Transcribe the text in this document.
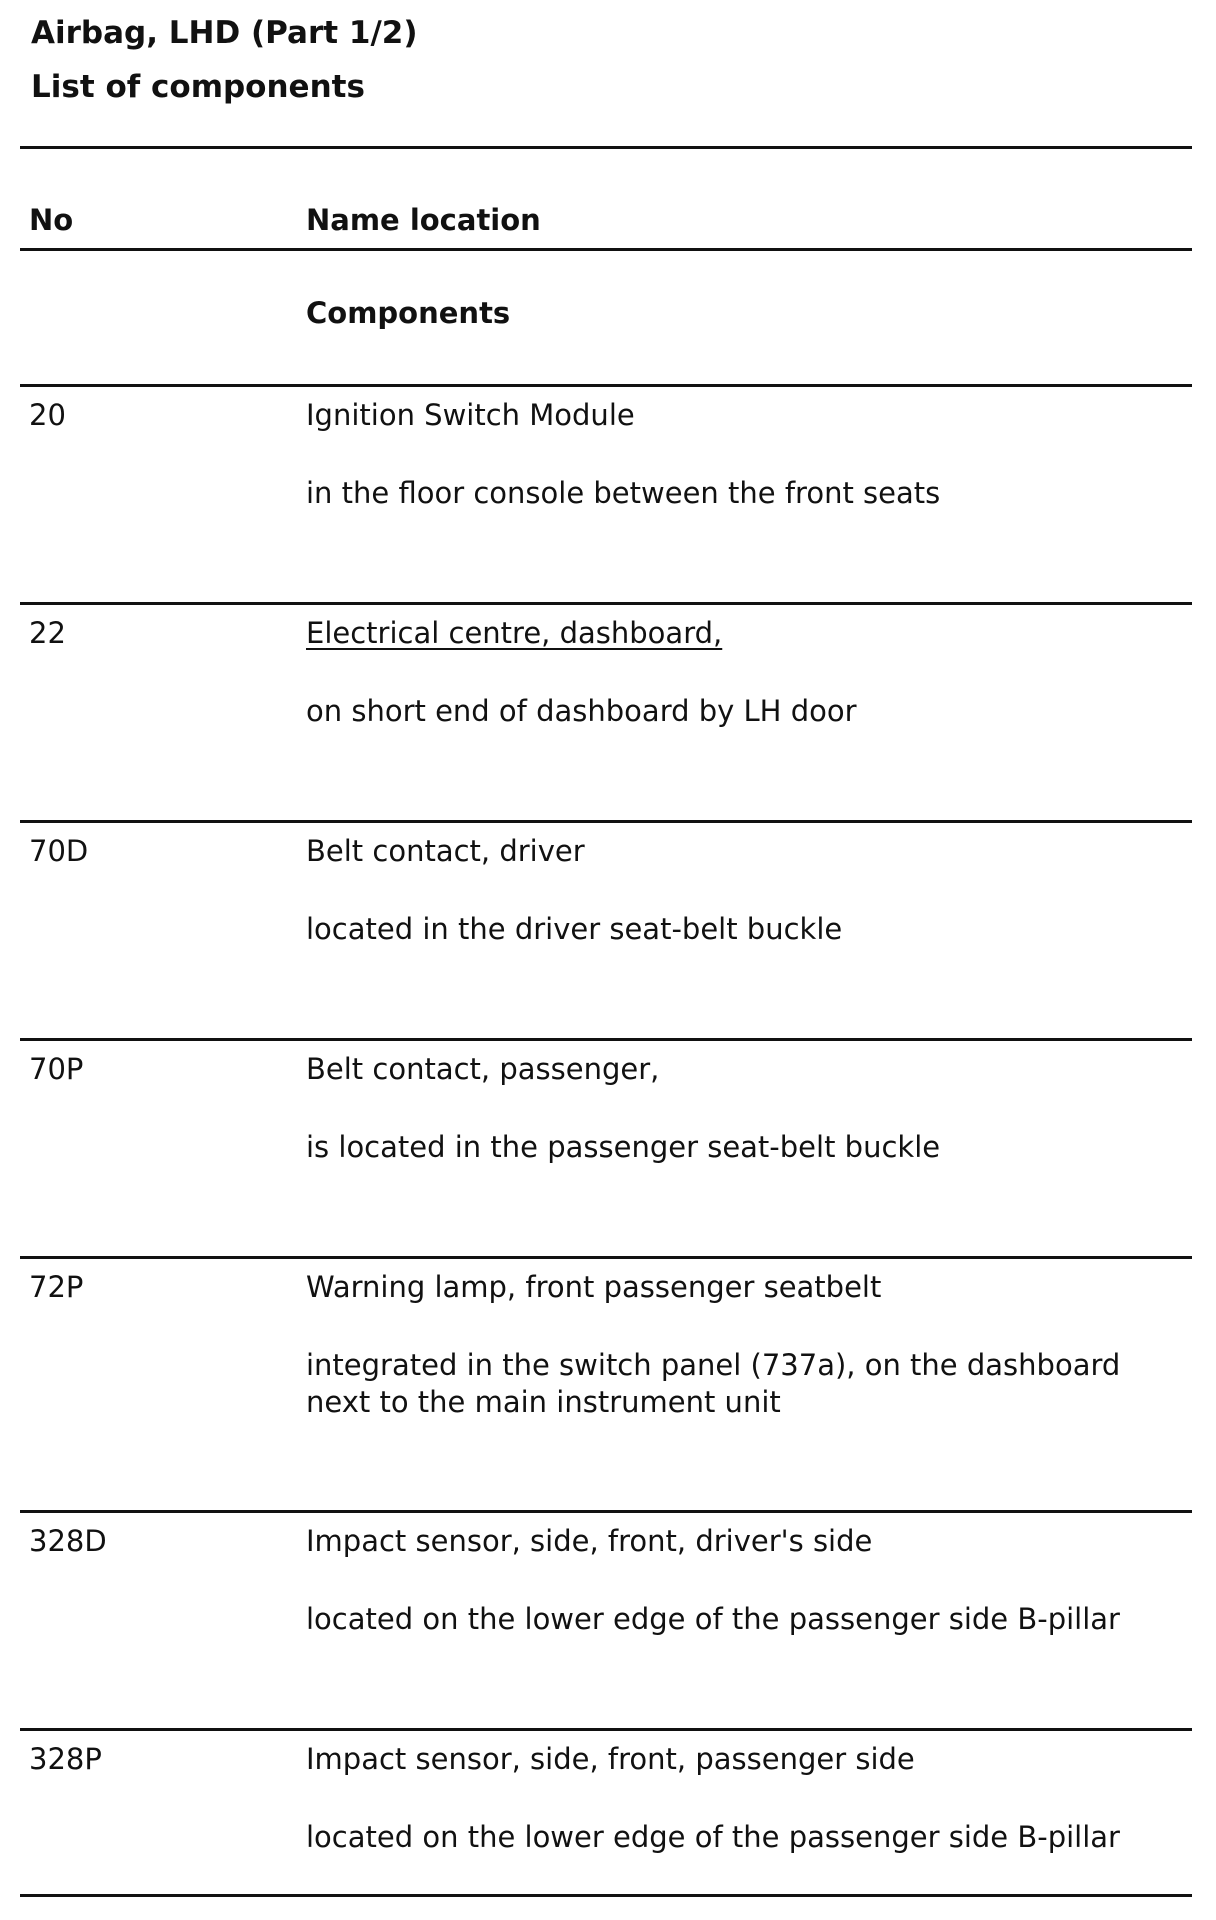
Airbag, LHD (Part 1/2)
List of components
No	Name location
Components
20	Ignition Switch Module
in the floor console between the front seats
22	Electrical centre, dashboard,
on short end of dashboard by LH door
70D	Belt contact, driver
located in the driver seat-belt buckle
70P	Belt contact, passenger,
is located in the passenger seat-belt buckle
72P	Warning lamp, front passenger seatbelt
integrated in the switch panel (737a), on the dashboard
next to the main instrument unit
328D	Impact sensor, side, front, driver's side
located on the lower edge of the passenger side B-pillar
328P	Impact sensor, side, front, passenger side
located on the lower edge of the passenger side B-pillar
